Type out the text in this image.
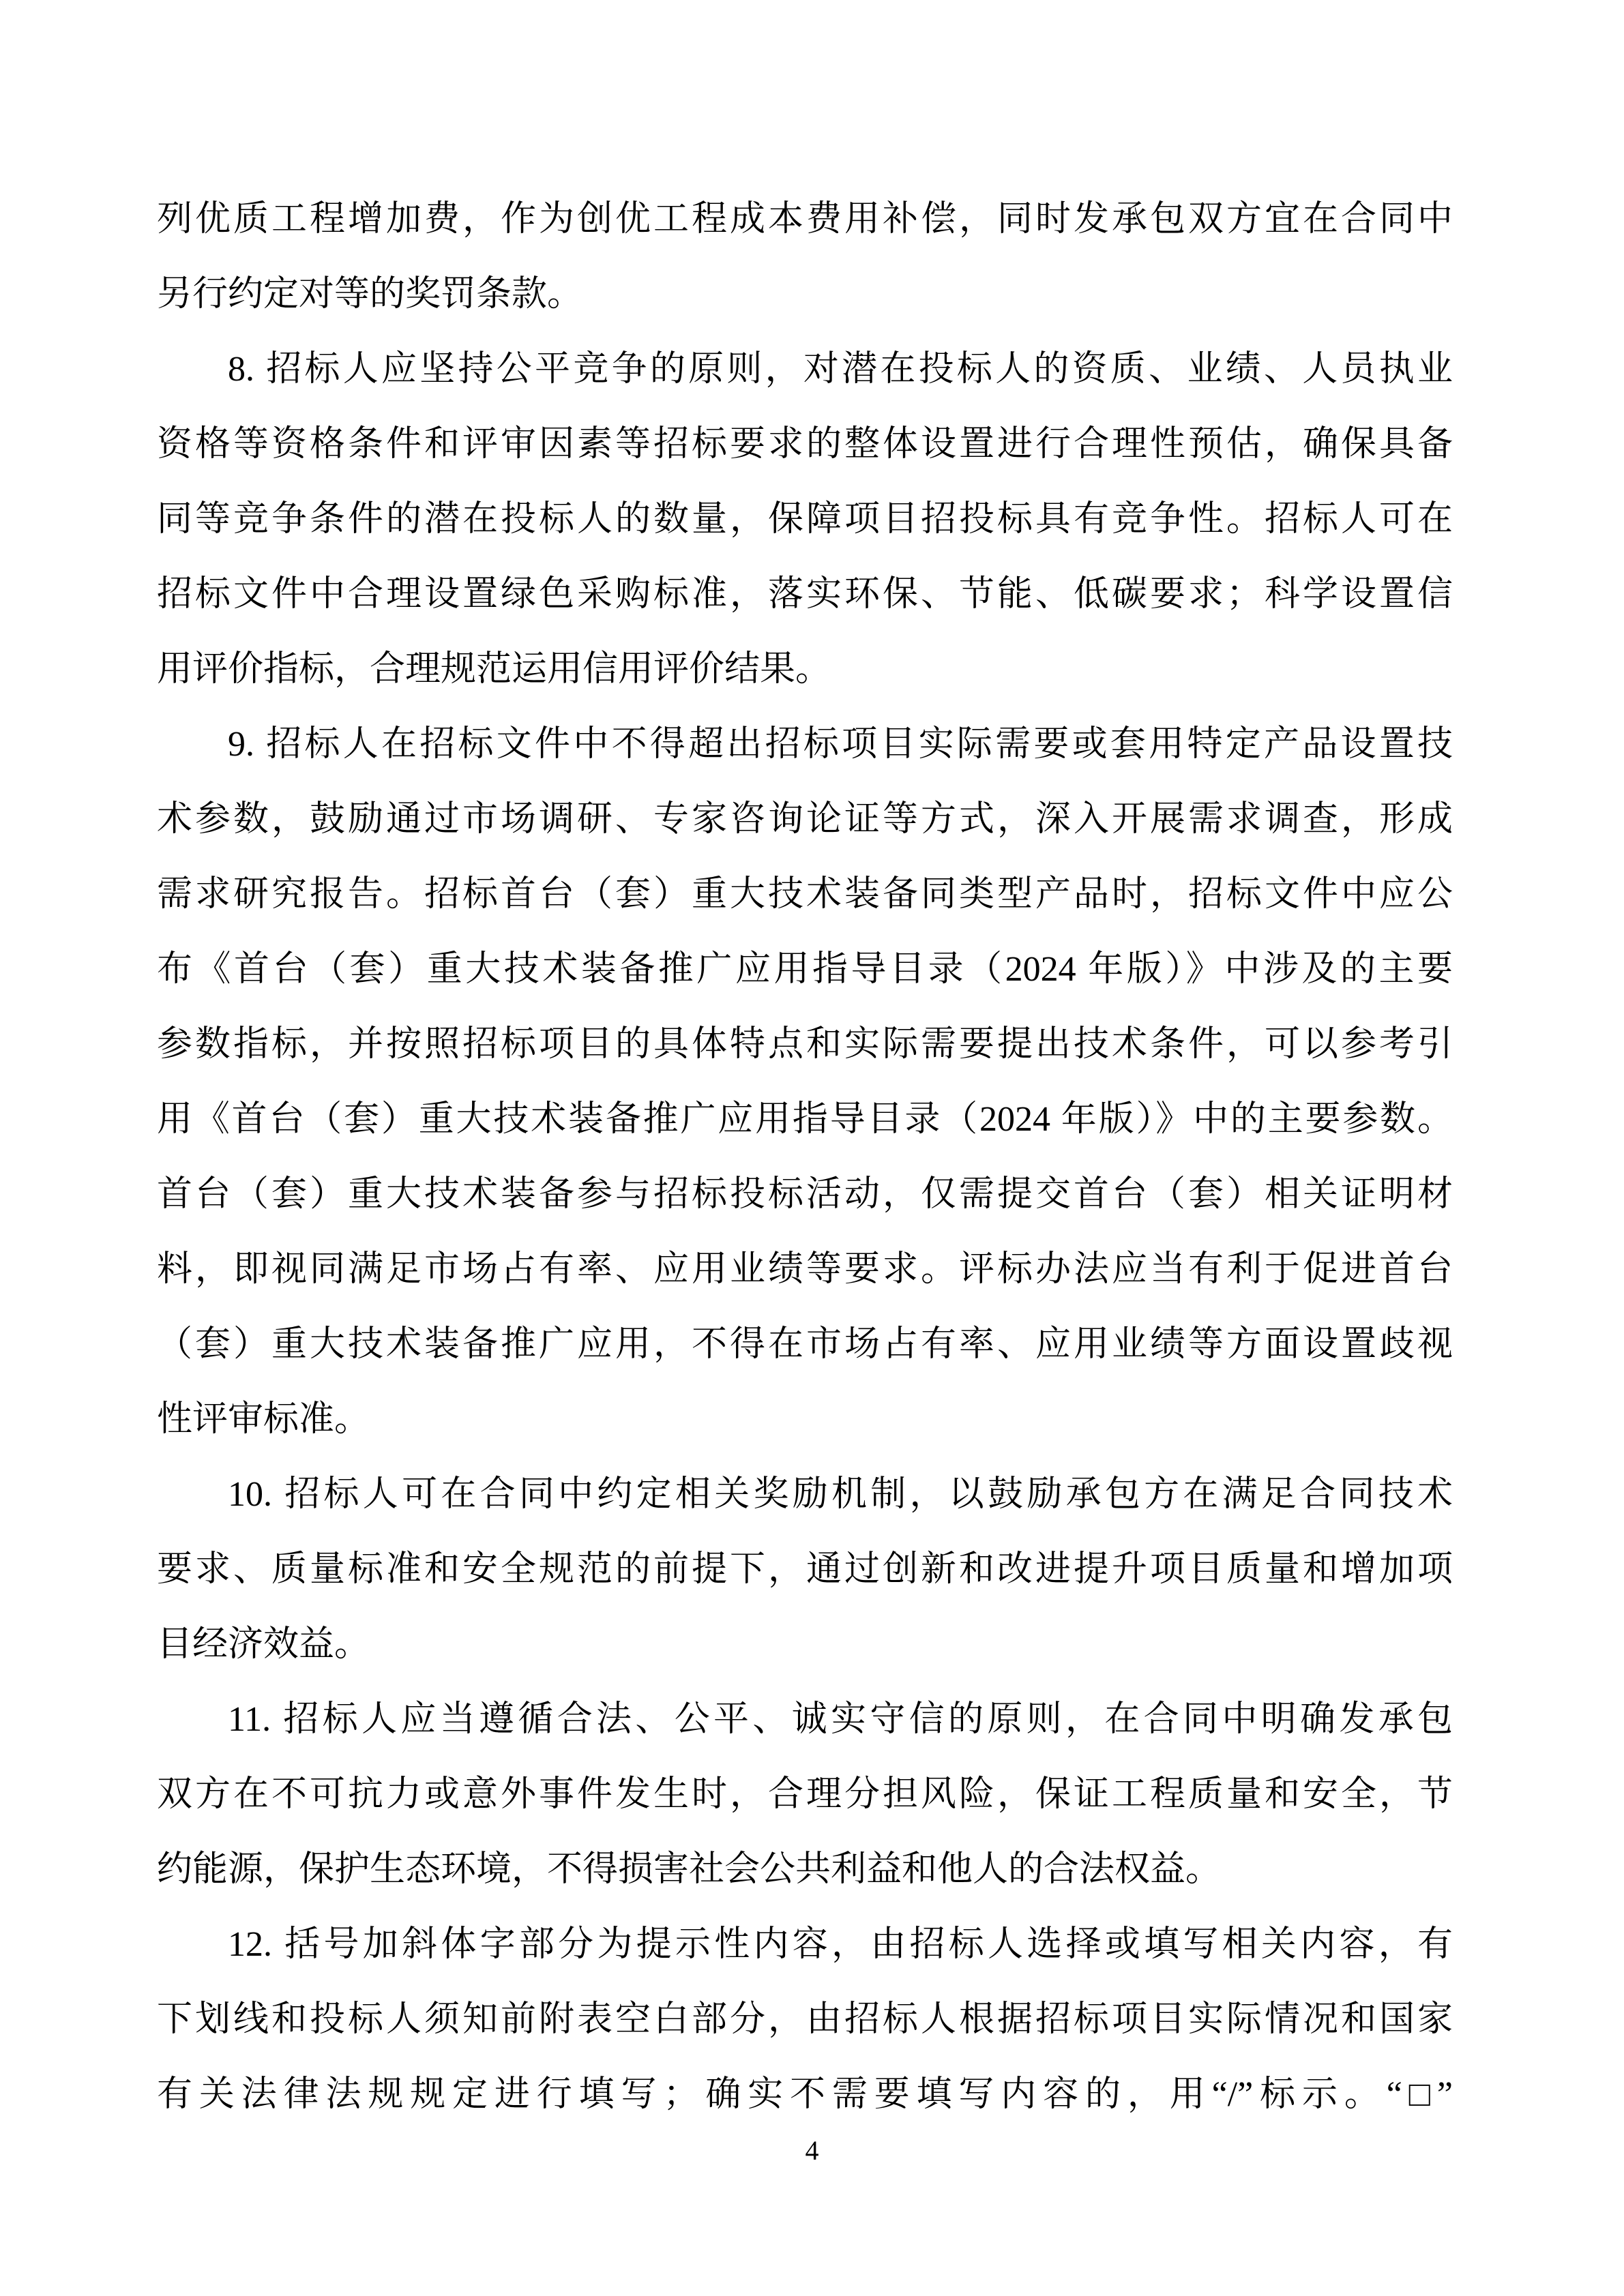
列优质工程增加费，作为创优工程成本费用补偿，同时发承包双方宜在合同中
另行约定对等的奖罚条款。
8. 招标人应坚持公平竞争的原则，对潜在投标人的资质、业绩、人员执业
资格等资格条件和评审因素等招标要求的整体设置进行合理性预估，确保具备
同等竞争条件的潜在投标人的数量，保障项目招投标具有竞争性。招标人可在
招标文件中合理设置绿色采购标准，落实环保、节能、低碳要求；科学设置信
用评价指标，合理规范运用信用评价结果。
9. 招标人在招标文件中不得超出招标项目实际需要或套用特定产品设置技
术参数，鼓励通过市场调研、专家咨询论证等方式，深入开展需求调查，形成
需求研究报告。招标首台（套）重大技术装备同类型产品时，招标文件中应公
布《首台（套）重大技术装备推广应用指导目录（2024 年版）》中涉及的主要
参数指标，并按照招标项目的具体特点和实际需要提出技术条件，可以参考引
用《首台（套）重大技术装备推广应用指导目录（2024 年版）》中的主要参数。
首台（套）重大技术装备参与招标投标活动，仅需提交首台（套）相关证明材
料，即视同满足市场占有率、应用业绩等要求。评标办法应当有利于促进首台
（套）重大技术装备推广应用，不得在市场占有率、应用业绩等方面设置歧视
性评审标准。
10. 招标人可在合同中约定相关奖励机制，以鼓励承包方在满足合同技术
要求、质量标准和安全规范的前提下，通过创新和改进提升项目质量和增加项
目经济效益。
11. 招标人应当遵循合法、公平、诚实守信的原则，在合同中明确发承包
双方在不可抗力或意外事件发生时，合理分担风险，保证工程质量和安全，节
约能源，保护生态环境，不得损害社会公共利益和他人的合法权益。
12. 括号加斜体字部分为提示性内容，由招标人选择或填写相关内容，有
下划线和投标人须知前附表空白部分，由招标人根据招标项目实际情况和国家
有关法律法规规定进行填写；确实不需要填写内容的，用“/”标示。“□”
4
